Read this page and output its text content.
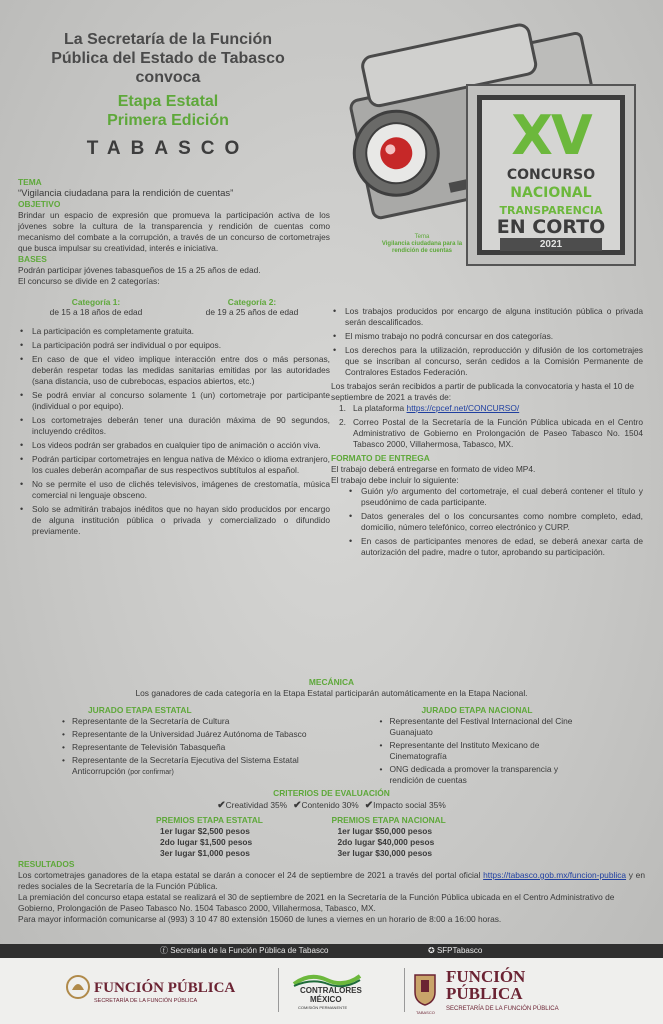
La Secretaría de la Función
Pública del Estado de Tabasco
convoca
Etapa Estatal
Primera Edición
TABASCO	XV
CONCURSO
NACIONAL
TRANSPARENCIA
EN CORTO
2021
Tema
Vigilancia ciudadana para la rendición de cuentas
TEMA

“Vigilancia ciudadana para la rendición de cuentas”

OBJETIVO

Brindar un espacio de expresión que promueva la participación activa de los jóvenes sobre la cultura de la transparencia y rendición de cuentas como mecanismo del combate a la corrupción, a través de un concurso de cortometrajes que busca impulsar su creatividad, interés e iniciativa.

BASES

Podrán participar jóvenes tabasqueños de 15 a 25 años de edad.

El concurso se divide en 2 categorías:

Categoría 1:
de 15 a 18 años de edad
Categoría 2:
de 19 a 25 años de edad
• La participación es completamente gratuita.
• La participación podrá ser individual o por equipos.
• En caso de que el video implique interacción entre dos o más personas, deberán respetar todas las medidas sanitarias emitidas por las autoridades (sana distancia, uso de cubrebocas, espacios abiertos, etc.)
• Se podrá enviar al concurso solamente 1 (un) cortometraje por participante (individual o por equipo).
• Los cortometrajes deberán tener una duración máxima de 90 segundos, incluyendo créditos.
• Los videos podrán ser grabados en cualquier tipo de animación o acción viva.
• Podrán participar cortometrajes en lengua nativa de México o idioma extranjero, los cuales deberán acompañar de sus respectivos subtítulos al español.
• No se permite el uso de clichés televisivos, imágenes de crestomatía, música comercial ni lenguaje obsceno.
• Solo se admitirán trabajos inéditos que no hayan sido producidos por encargo de alguna institución pública o privada y comercializado o difundido previamente.
• Los trabajos producidos por encargo de alguna institución pública o privada serán descalificados.
• El mismo trabajo no podrá concursar en dos categorías.
• Los derechos para la utilización, reproducción y difusión de los cortometrajes que se inscriban al concurso, serán cedidos a la Comisión Permanente de Contralores Estados Federación.

Los trabajos serán recibidos a partir de publicada la convocatoria y hasta el 10 de septiembre de 2021 a través de:

1. La plataforma https://cpcef.net/CONCURSO/
2. Correo Postal de la Secretaría de la Función Pública ubicada en el Centro Administrativo de Gobierno en Prolongación de Paseo Tabasco No. 1504 Tabasco 2000, Villahermosa, Tabasco, MX.
FORMATO DE ENTREGA

El trabajo deberá entregarse en formato de video MP4.

El trabajo debe incluir lo siguiente:

• Guión y/o argumento del cortometraje, el cual deberá contener el título y pseudónimo de cada participante.
• Datos generales del o los concursantes como nombre completo, edad, domicilio, número telefónico, correo electrónico y CURP.
• En casos de participantes menores de edad, se deberá anexar carta de autorización del padre, madre o tutor, aprobando su participación.
MECÁNICA
Los ganadores de cada categoría en la Etapa Estatal participarán automáticamente en la Etapa Nacional.
JURADO ETAPA ESTATAL
• Representante de la Secretaría de Cultura
• Representante de la Universidad Juárez Autónoma de Tabasco
• Representante de Televisión Tabasqueña
• Representante de la Secretaría Ejecutiva del Sistema Estatal Anticorrupción (por confirmar)
JURADO ETAPA NACIONAL
• Representante del Festival Internacional del Cine Guanajuato
• Representante del Instituto Mexicano de Cinematografía
• ONG dedicada a promover la transparencia y rendición de cuentas
CRITERIOS DE EVALUACIÓN
✔Creatividad 35% ✔Contenido 30% ✔Impacto social 35%
PREMIOS ETAPA ESTATAL
1er lugar $2,500 pesos
2do lugar $1,500 pesos
3er lugar $1,000 pesos
PREMIOS ETAPA NACIONAL
1er lugar $50,000 pesos
2do lugar $40,000 pesos
3er lugar $30,000 pesos
RESULTADOS

Los cortometrajes ganadores de la etapa estatal se darán a conocer el 24 de septiembre de 2021 a través del portal oficial https://tabasco.gob.mx/funcion-publica y en redes sociales de la Secretaría de la Función Pública.

La premiación del concurso etapa estatal se realizará el 30 de septiembre de 2021 en la Secretaría de la Función Pública ubicada en el Centro Administrativo de Gobierno, Prolongación de Paseo Tabasco No. 1504 Tabasco 2000, Villahermosa, Tabasco, MX.

Para mayor información comunicarse al (993) 3 10 47 80 extensión 15060 de lunes a viernes en un horario de 8:00 a 16:00 horas.

ⓕ Secretaria de la Función Pública de Tabasco	✪ SFPTabasco
FUNCIÓN PÚBLICA
SECRETARÍA DE LA FUNCIÓN PÚBLICA
CONTRALORES
MÉXICO
COMISIÓN PERMANENTE
FUNCIÓN
PÚBLICA
SECRETARÍA DE LA FUNCIÓN PÚBLICA
TABASCO
